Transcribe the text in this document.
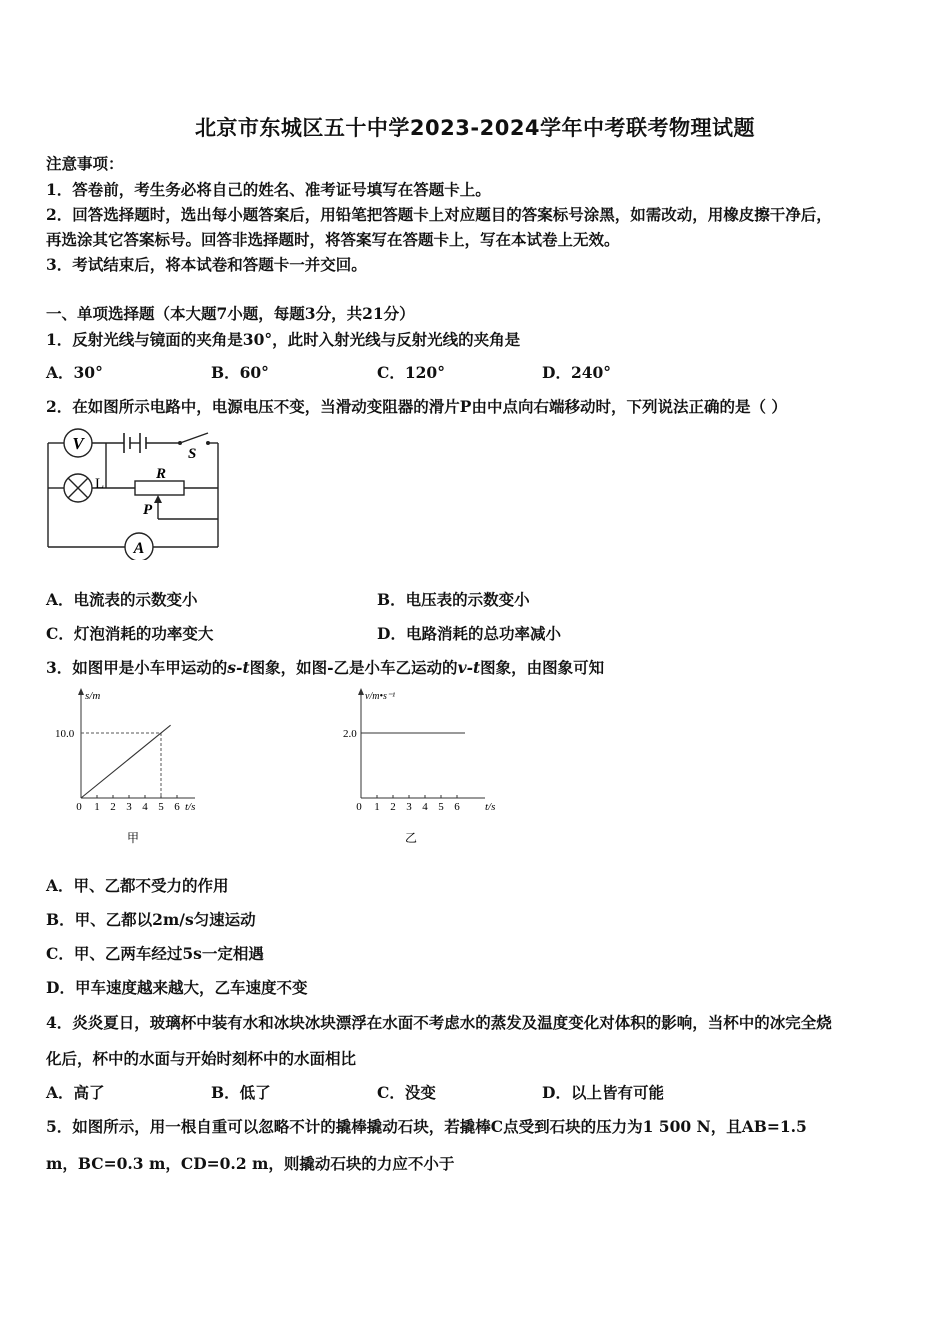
北京市东城区五十中学2023-2024学年中考联考物理试题
注意事项：
1．答卷前，考生务必将自己的姓名、准考证号填写在答题卡上。
2．回答选择题时，选出每小题答案后，用铅笔把答题卡上对应题目的答案标号涂黑，如需改动，用橡皮擦干净后，
再选涂其它答案标号。回答非选择题时，将答案写在答题卡上，写在本试卷上无效。
3．考试结束后，将本试卷和答题卡一并交回。
一、单项选择题（本大题7小题，每题3分，共21分）
1．反射光线与镜面的夹角是30°，此时入射光线与反射光线的夹角是
A．30°	B．60°	C．120°	D．240°
2．在如图所示电路中，电源电压不变，当滑动变阻器的滑片P由中点向右端移动时，下列说法正确的是（ ）
V
L
S
R
P
A
A．电流表的示数变小	B．电压表的示数变小
C．灯泡消耗的功率变大	D．电路消耗的总功率减小
3．如图甲是小车甲运动的s-t图象，如图-乙是小车乙运动的v-t图象，由图象可知
s/m
t/s
10.0
0 1 2 3 4 5 6
甲
v/m•s⁻¹
t/s
2.0
0 1 2 3 4 5 6
乙
A．甲、乙都不受力的作用
B．甲、乙都以2m/s匀速运动
C．甲、乙两车经过5s一定相遇
D．甲车速度越来越大，乙车速度不变
4．炎炎夏日，玻璃杯中装有水和冰块冰块漂浮在水面不考虑水的蒸发及温度变化对体积的影响，当杯中的冰完全烧
化后，杯中的水面与开始时刻杯中的水面相比
A．高了	B．低了	C．没变	D．以上皆有可能
5．如图所示，用一根自重可以忽略不计的撬棒撬动石块，若撬棒C点受到石块的压力为1 500 N，且AB=1.5
m，BC=0.3 m，CD=0.2 m，则撬动石块的力应不小于
